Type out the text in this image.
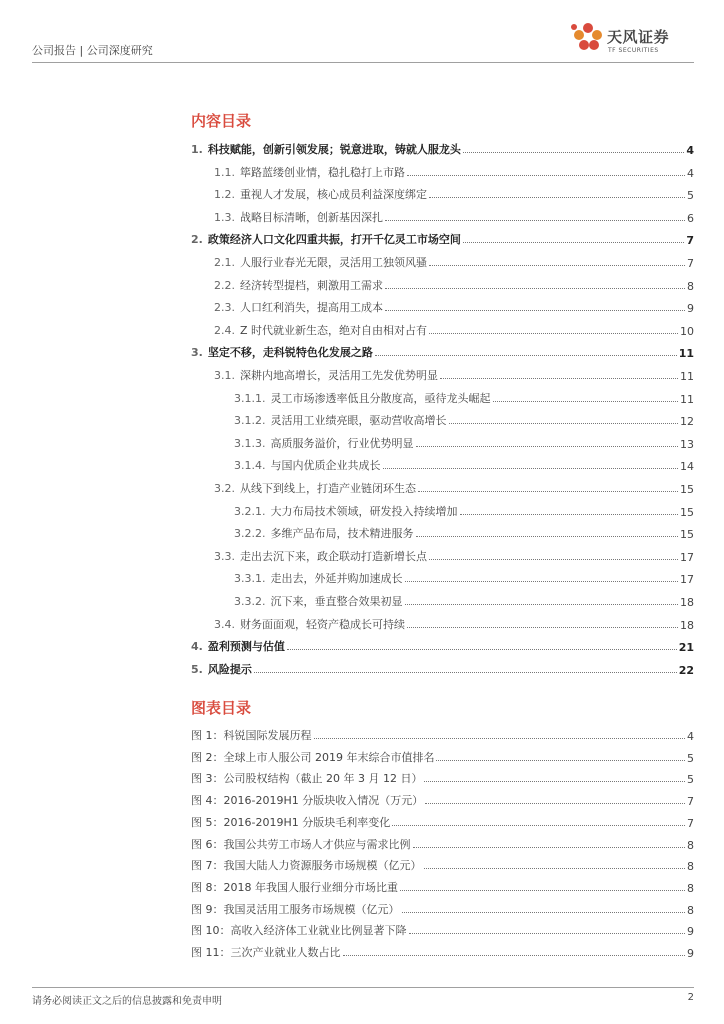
公司报告 | 公司深度研究
天风证券
TF SECURITIES
内容目录
1. 科技赋能，创新引领发展；锐意进取，铸就人服龙头	4
1.1. 筚路蓝缕创业情，稳扎稳打上市路	4
1.2. 重视人才发展，核心成员利益深度绑定	5
1.3. 战略目标清晰，创新基因深扎	6
2. 政策经济人口文化四重共振，打开千亿灵工市场空间	7
2.1. 人服行业春光无限，灵活用工独领风骚	7
2.2. 经济转型提档，刺激用工需求	8
2.3. 人口红利消失，提高用工成本	9
2.4. Z 时代就业新生态，绝对自由相对占有	10
3. 坚定不移，走科锐特色化发展之路	11
3.1. 深耕内地高增长，灵活用工先发优势明显	11
3.1.1. 灵工市场渗透率低且分散度高，亟待龙头崛起	11
3.1.2. 灵活用工业绩亮眼，驱动营收高增长	12
3.1.3. 高质服务溢价，行业优势明显	13
3.1.4. 与国内优质企业共成长	14
3.2. 从线下到线上，打造产业链闭环生态	15
3.2.1. 大力布局技术领域，研发投入持续增加	15
3.2.2. 多维产品布局，技术精进服务	15
3.3. 走出去沉下来，政企联动打造新增长点	17
3.3.1. 走出去，外延并购加速成长	17
3.3.2. 沉下来，垂直整合效果初显	18
3.4. 财务面面观，轻资产稳成长可持续	18
4. 盈利预测与估值	21
5. 风险提示	22
图表目录
图 1：科锐国际发展历程	4
图 2：全球上市人服公司 2019 年末综合市值排名	5
图 3：公司股权结构（截止 20 年 3 月 12 日）	5
图 4：2016-2019H1 分版块收入情况（万元）	7
图 5：2016-2019H1 分版块毛利率变化	7
图 6：我国公共劳工市场人才供应与需求比例	8
图 7：我国大陆人力资源服务市场规模（亿元）	8
图 8：2018 年我国人服行业细分市场比重	8
图 9：我国灵活用工服务市场规模（亿元）	8
图 10：高收入经济体工业就业比例显著下降	9
图 11：三次产业就业人数占比	9
请务必阅读正文之后的信息披露和免责申明	2
